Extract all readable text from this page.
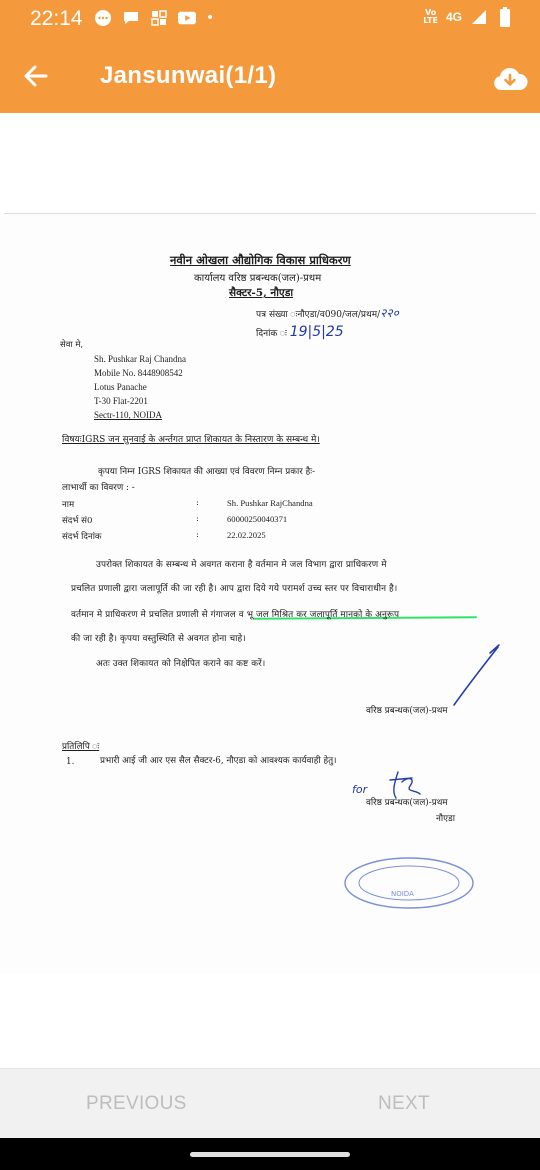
22:14	•	Vo
LTE 4G
Jansunwai(1/1)
नवीन ओखला औद्योगिक विकास प्राधिकरण
कार्यालय वरिष्ठ प्रबन्धक(जल)-प्रथम
सैक्टर-5, नौएडा
पत्र संख्या ःनौएडा/व090/जल/प्रथम/२२०
दिनांक ः 19|5|25
सेवा मे,
Sh. Pushkar Raj Chandna
Mobile No. 8448908542
Lotus Panache
T-30 Flat-2201
Sectr-110, NOIDA
विषयःIGRS जन सुनवाई के अर्न्तगत प्राप्त शिकायत के निस्तारण के सम्बन्ध मे।
कृपया निम्न IGRS शिकायत की आख्या एवं विवरण निम्न प्रकार हैः-
लाभार्थी का विवरण : -
नाम	:	Sh. Pushkar RajChandna
संदर्भ सं0	:	60000250040371
संदर्भ दिनांक	:	22.02.2025
उपरोक्त शिकायत के सम्बन्ध मे अवगत कराना है वर्तमान मे जल विभाग द्वारा प्राधिकरण मे
प्रचलित प्रणाली द्वारा जलापूर्ति की जा रही है। आप द्वारा दिये गये परामर्श उच्च स्तर पर विचाराधीन है।
वर्तमान मे प्राधिकरण मे प्रचलित प्रणाली से गंगाजल व भू जल मिश्रित कर जलापूर्ति मानको के अनुरूप
की जा रही है। कृपया वस्तुस्थिति से अवगत होना चाहे।
अतः उक्त शिकायत को निक्षेपित कराने का कष्ट करें।
वरिष्ठ प्रबन्धक(जल)-प्रथम
प्रतिलिपि ः
1.	प्रभारी आई जी आर एस सैल सैक्टर-6, नौएडा को आवश्यक कार्यवाही हेतु।
for
वरिष्ठ प्रबन्धक(जल)-प्रथम
नौएडा
NOIDA
PREVIOUS	NEXT
